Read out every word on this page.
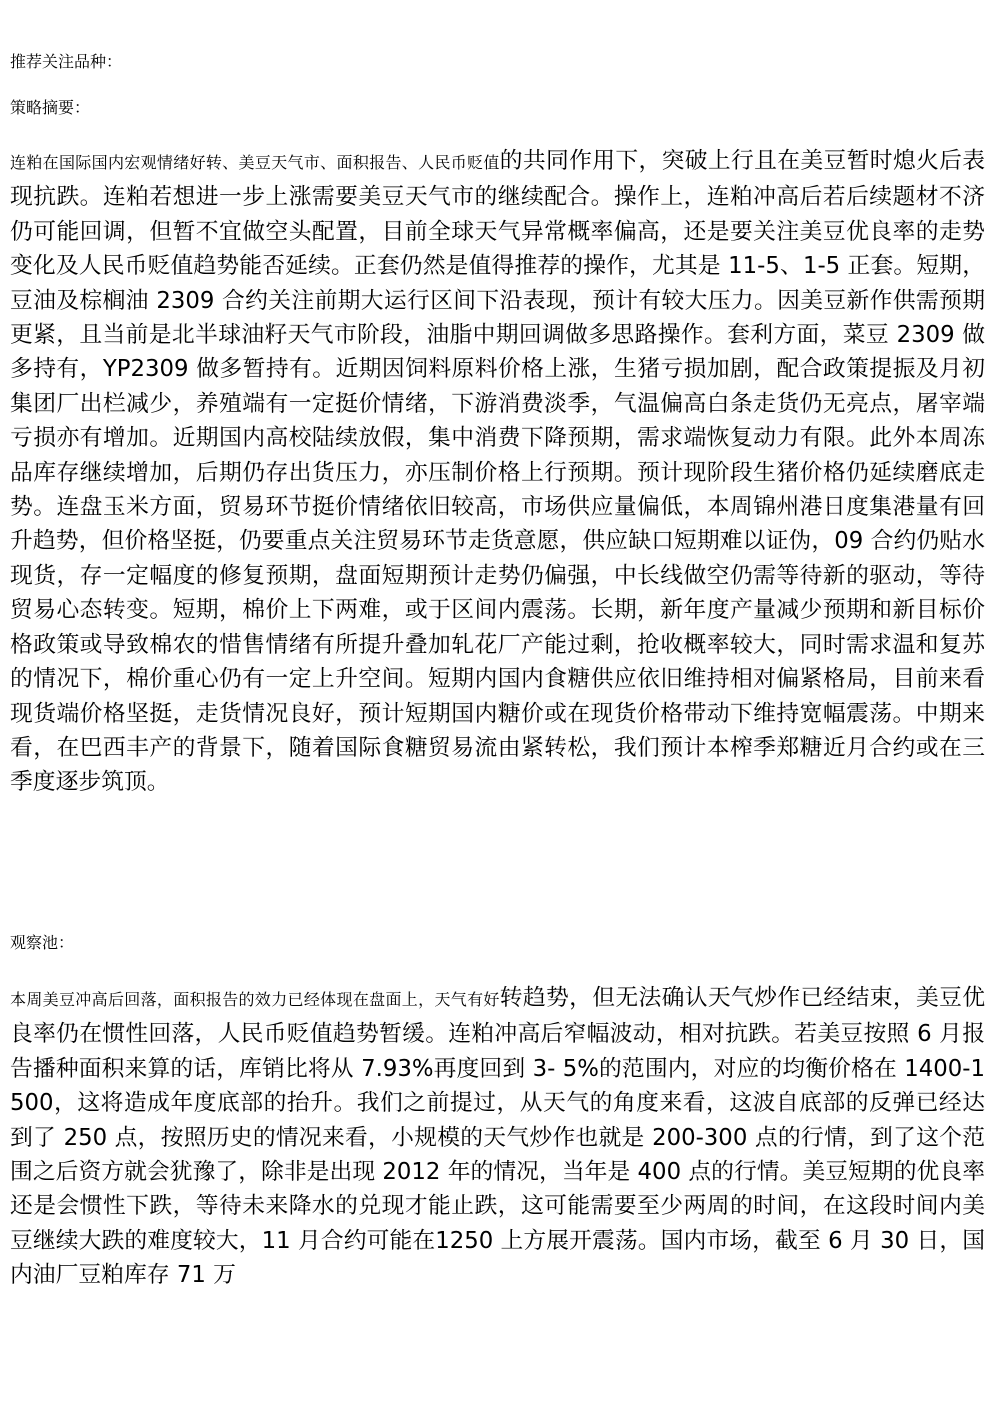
推荐关注品种：
策略摘要：

连粕在国际国内宏观情绪好转、美豆天气市、面积报告、人民币贬值的共同作用下，突破上行且在美豆暂时熄火后表现抗跌。连粕若想进一步上涨需要美豆天气市的继续配合。操作上，连粕冲高后若后续题材不济仍可能回调，但暂不宜做空头配置，目前全球天气异常概率偏高，还是要关注美豆优良率的走势变化及人民币贬值趋势能否延续。正套仍然是值得推荐的操作，尤其是 11-5、1-5 正套。短期，豆油及棕榈油 2309 合约关注前期大运行区间下沿表现，预计有较大压力。因美豆新作供需预期更紧，且当前是北半球油籽天气市阶段，油脂中期回调做多思路操作。套利方面，菜豆 2309 做多持有，YP2309 做多暂持有。近期因饲料原料价格上涨，生猪亏损加剧，配合政策提振及月初集团厂出栏减少，养殖端有一定挺价情绪，下游消费淡季，气温偏高白条走货仍无亮点，屠宰端亏损亦有增加。近期国内高校陆续放假，集中消费下降预期，需求端恢复动力有限。此外本周冻品库存继续增加，后期仍存出货压力，亦压制价格上行预期。预计现阶段生猪价格仍延续磨底走势。连盘玉米方面，贸易环节挺价情绪依旧较高，市场供应量偏低，本周锦州港日度集港量有回升趋势，但价格坚挺，仍要重点关注贸易环节走货意愿，供应缺口短期难以证伪，09 合约仍贴水现货，存一定幅度的修复预期，盘面短期预计走势仍偏强，中长线做空仍需等待新的驱动，等待贸易心态转变。短期，棉价上下两难，或于区间内震荡。长期，新年度产量减少预期和新目标价格政策或导致棉农的惜售情绪有所提升叠加轧花厂产能过剩，抢收概率较大，同时需求温和复苏的情况下，棉价重心仍有一定上升空间。短期内国内食糖供应依旧维持相对偏紧格局，目前来看现货端价格坚挺，走货情况良好，预计短期国内糖价或在现货价格带动下维持宽幅震荡。中期来看，在巴西丰产的背景下，随着国际食糖贸易流由紧转松，我们预计本榨季郑糖近月合约或在三季度逐步筑顶。

观察池：

本周美豆冲高后回落，面积报告的效力已经体现在盘面上，天气有好转趋势，但无法确认天气炒作已经结束，美豆优良率仍在惯性回落，人民币贬值趋势暂缓。连粕冲高后窄幅波动，相对抗跌。若美豆按照 6 月报告播种面积来算的话，库销比将从 7.93%再度回到 3- 5%的范围内，对应的均衡价格在 1400-1500，这将造成年度底部的抬升。我们之前提过，从天气的角度来看，这波自底部的反弹已经达到了 250 点，按照历史的情况来看，小规模的天气炒作也就是 200-300 点的行情，到了这个范围之后资方就会犹豫了，除非是出现 2012 年的情况，当年是 400 点的行情。美豆短期的优良率还是会惯性下跌，等待未来降水的兑现才能止跌，这可能需要至少两周的时间，在这段时间内美豆继续大跌的难度较大，11 月合约可能在1250 上方展开震荡。国内市场，截至 6 月 30 日，国内油厂豆粕库存 71 万
